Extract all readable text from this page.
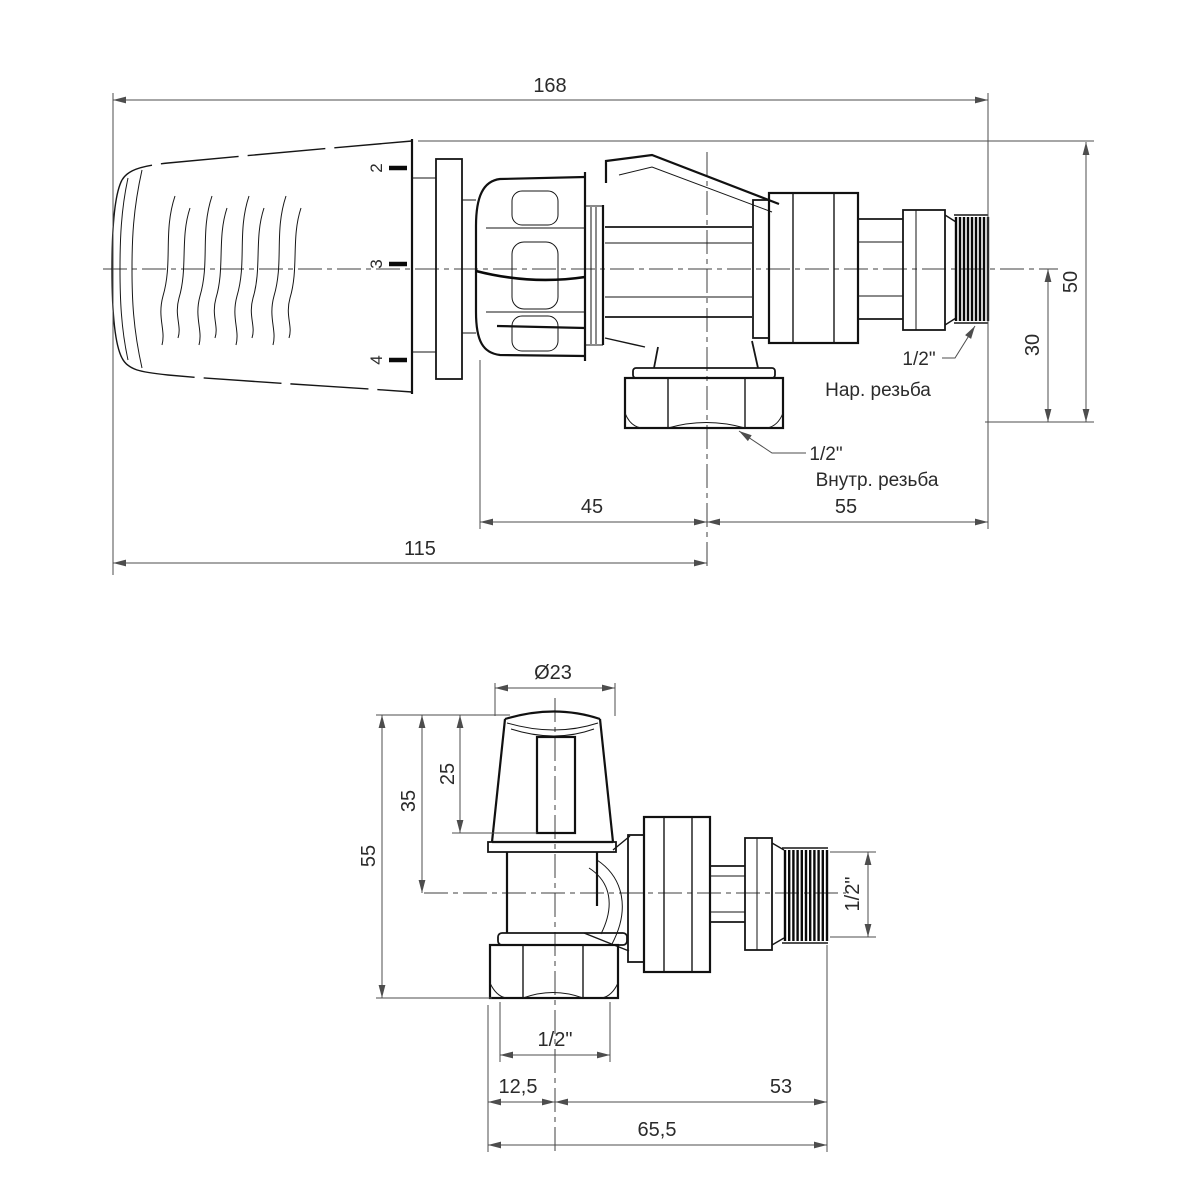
2
3
4
168
50
30
45	55
115
1/2"
Нар. резьба
1/2"
Внутр. резьба
Ø23
25
35
55
1/2"
1/2"
12,5	53
65,5
